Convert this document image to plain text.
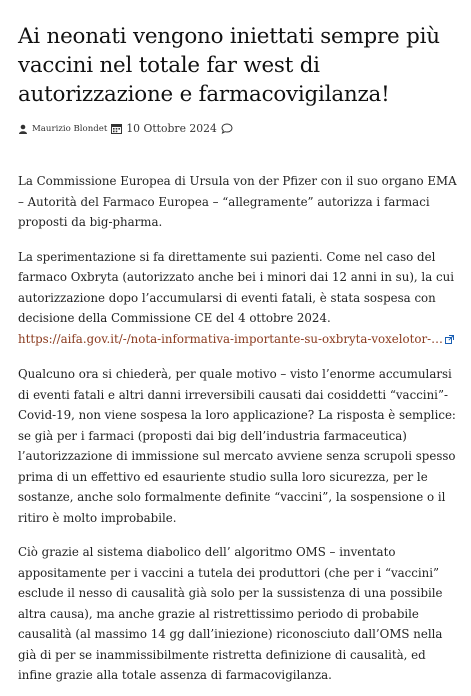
Ai neonati vengono iniettati sempre più vaccini nel totale far west di autorizzazione e farmacovigilanza!
Maurizio Blondet 10 Ottobre 2024

La Commissione Europea di Ursula von der Pfizer con il suo organo EMA – Autorità del Farmaco Europea – “allegramente” autorizza i farmaci proposti da big-pharma.

La sperimentazione si fa direttamente sui pazienti. Come nel caso del farmaco Oxbryta (autorizzato anche bei i minori dai 12 anni in su), la cui autorizzazione dopo l’accumularsi di eventi fatali, è stata sospesa con decisione della Commissione CE del 4 ottobre 2024. https://aifa.gov.it/-/nota-informativa-importante-su-oxbryta-voxelotor-…

Qualcuno ora si chiederà, per quale motivo – visto l’enorme accumularsi di eventi fatali e altri danni irreversibili causati dai cosiddetti “vaccini”-Covid-19, non viene sospesa la loro applicazione? La risposta è semplice: se già per i farmaci (proposti dai big dell’industria farmaceutica) l’autorizzazione di immissione sul mercato avviene senza scrupoli spesso prima di un effettivo ed esauriente studio sulla loro sicurezza, per le sostanze, anche solo formalmente definite “vaccini”, la sospensione o il ritiro è molto improbabile.

Ciò grazie al sistema diabolico dell’ algoritmo OMS – inventato appositamente per i vaccini a tutela dei produttori (che per i “vaccini” esclude il nesso di causalità già solo per la sussistenza di una possibile altra causa), ma anche grazie al ristrettissimo periodo di probabile causalità (al massimo 14 gg dall’iniezione) riconosciuto dall’OMS nella già di per se inammissibilmente ristretta definizione di causalità, ed infine grazie alla totale assenza di farmacovigilanza.
